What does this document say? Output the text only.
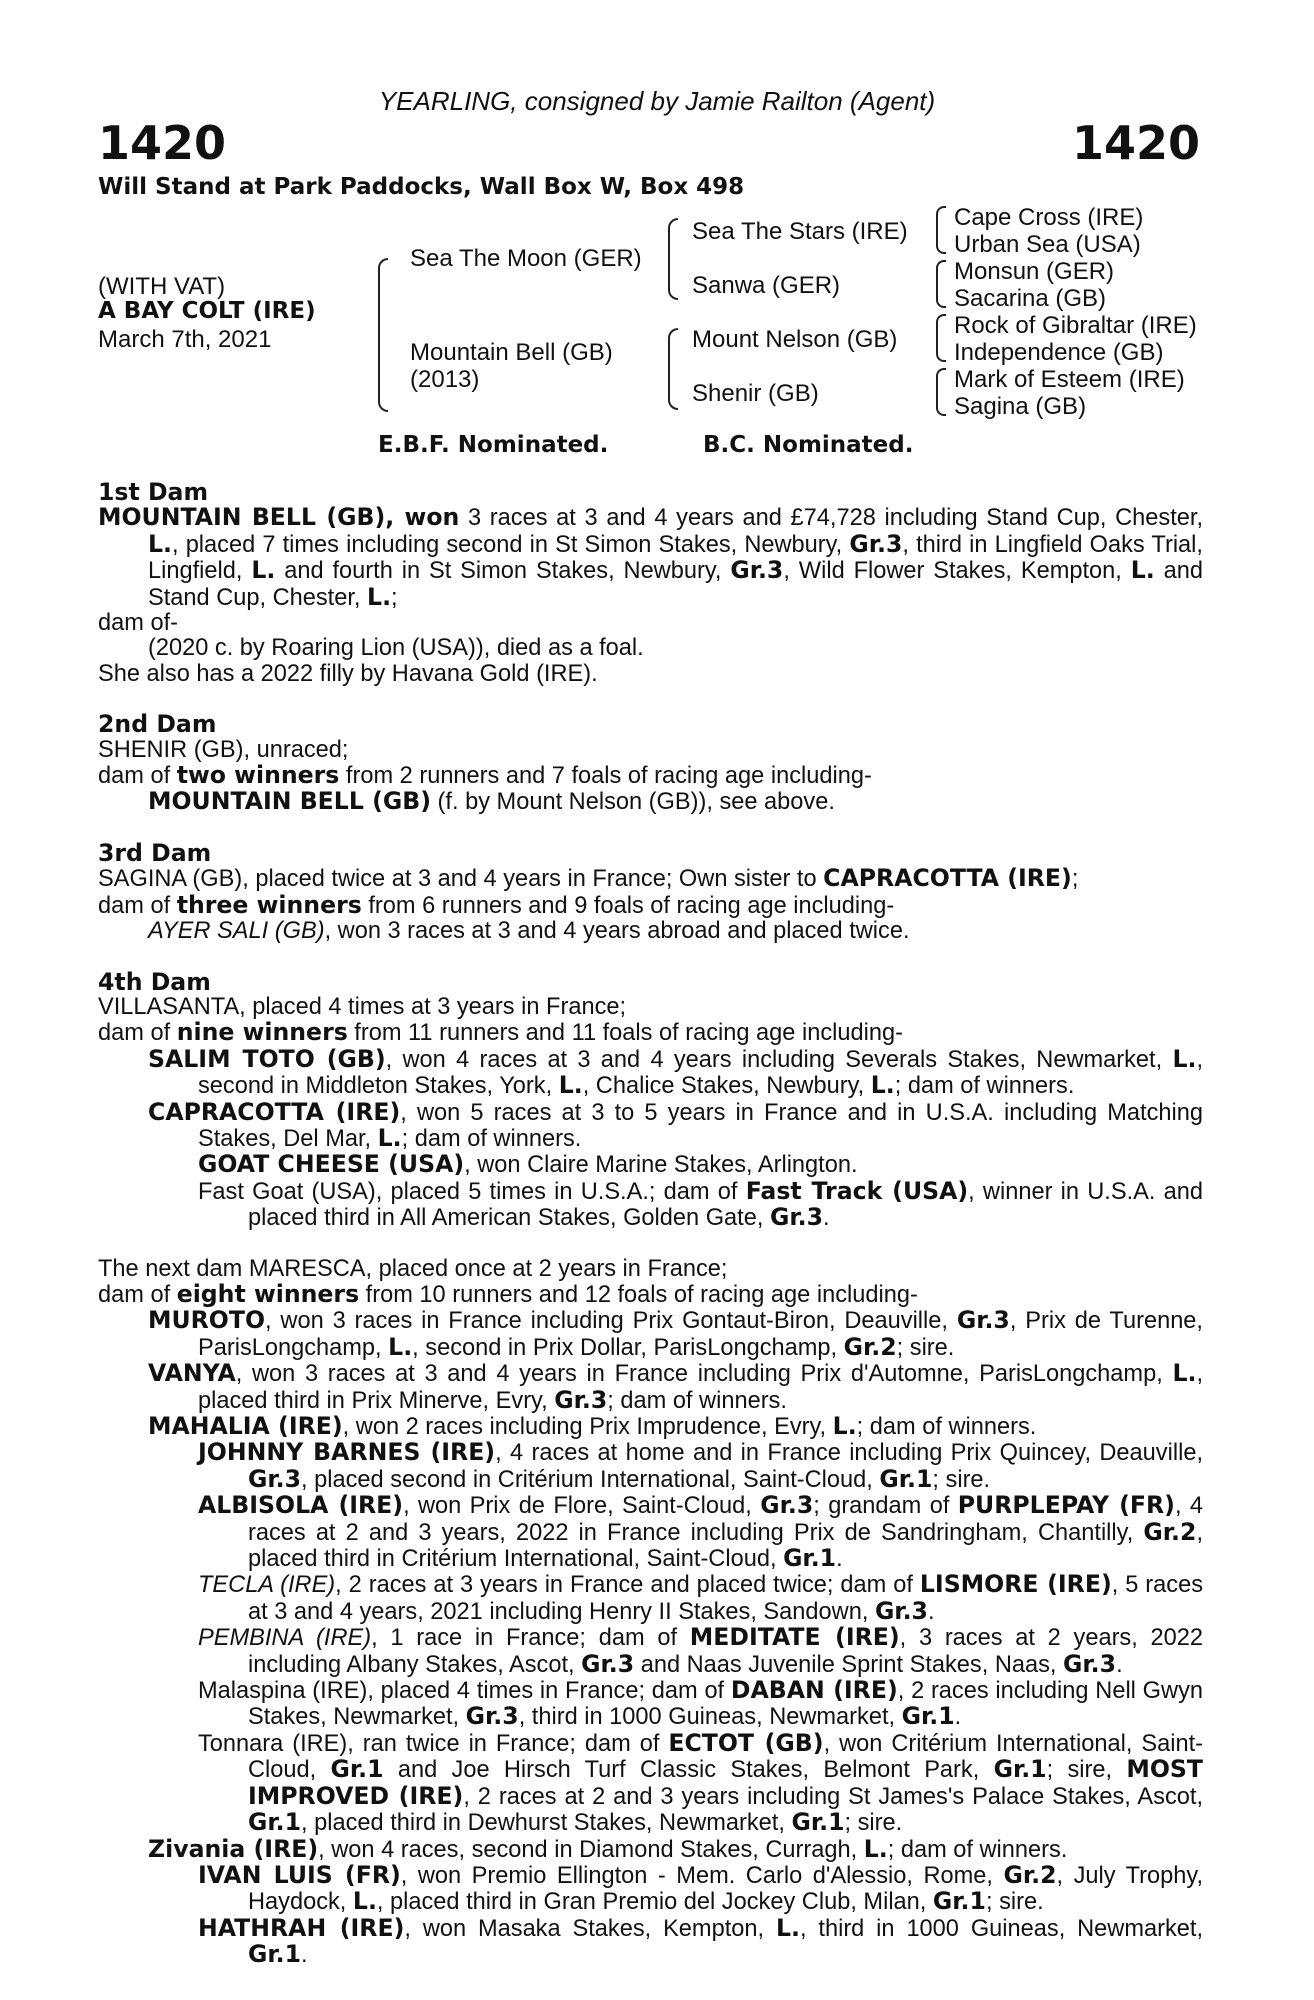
YEARLING, consigned by Jamie Railton (Agent)
1420	1420
Will Stand at Park Paddocks, Wall Box W, Box 498
(WITH VAT)
A BAY COLT (IRE)
March 7th, 2021
Sea The Moon (GER)
Mountain Bell (GB)
(2013)
Sea The Stars (IRE)
Sanwa (GER)
Mount Nelson (GB)
Shenir (GB)
Cape Cross (IRE)
Urban Sea (USA)
Monsun (GER)
Sacarina (GB)
Rock of Gibraltar (IRE)
Independence (GB)
Mark of Esteem (IRE)
Sagina (GB)
E.B.F. Nominated.	B.C. Nominated.
1st Dam
MOUNTAIN BELL (GB), won 3 races at 3 and 4 years and £74,728 including Stand Cup, Chester, L., placed 7 times including second in St Simon Stakes, Newbury, Gr.3, third in Lingfield Oaks Trial, Lingfield, L. and fourth in St Simon Stakes, Newbury, Gr.3, Wild Flower Stakes, Kempton, L. and Stand Cup, Chester, L.;
dam of-
(2020 c. by Roaring Lion (USA)), died as a foal.
She also has a 2022 filly by Havana Gold (IRE).
2nd Dam
SHENIR (GB), unraced;
dam of two winners from 2 runners and 7 foals of racing age including-
MOUNTAIN BELL (GB) (f. by Mount Nelson (GB)), see above.
3rd Dam
SAGINA (GB), placed twice at 3 and 4 years in France; Own sister to CAPRACOTTA (IRE);
dam of three winners from 6 runners and 9 foals of racing age including-
AYER SALI (GB), won 3 races at 3 and 4 years abroad and placed twice.
4th Dam
VILLASANTA, placed 4 times at 3 years in France;
dam of nine winners from 11 runners and 11 foals of racing age including-
SALIM TOTO (GB), won 4 races at 3 and 4 years including Severals Stakes, Newmarket, L., second in Middleton Stakes, York, L., Chalice Stakes, Newbury, L.; dam of winners.
CAPRACOTTA (IRE), won 5 races at 3 to 5 years in France and in U.S.A. including Matching Stakes, Del Mar, L.; dam of winners.
GOAT CHEESE (USA), won Claire Marine Stakes, Arlington.
Fast Goat (USA), placed 5 times in U.S.A.; dam of Fast Track (USA), winner in U.S.A. and placed third in All American Stakes, Golden Gate, Gr.3.
The next dam MARESCA, placed once at 2 years in France;
dam of eight winners from 10 runners and 12 foals of racing age including-
MUROTO, won 3 races in France including Prix Gontaut-Biron, Deauville, Gr.3, Prix de Turenne, ParisLongchamp, L., second in Prix Dollar, ParisLongchamp, Gr.2; sire.
VANYA, won 3 races at 3 and 4 years in France including Prix d'Automne, ParisLongchamp, L., placed third in Prix Minerve, Evry, Gr.3; dam of winners.
MAHALIA (IRE), won 2 races including Prix Imprudence, Evry, L.; dam of winners.
JOHNNY BARNES (IRE), 4 races at home and in France including Prix Quincey, Deauville, Gr.3, placed second in Critérium International, Saint-Cloud, Gr.1; sire.
ALBISOLA (IRE), won Prix de Flore, Saint-Cloud, Gr.3; grandam of PURPLEPAY (FR), 4 races at 2 and 3 years, 2022 in France including Prix de Sandringham, Chantilly, Gr.2, placed third in Critérium International, Saint-Cloud, Gr.1.
TECLA (IRE), 2 races at 3 years in France and placed twice; dam of LISMORE (IRE), 5 races at 3 and 4 years, 2021 including Henry II Stakes, Sandown, Gr.3.
PEMBINA (IRE), 1 race in France; dam of MEDITATE (IRE), 3 races at 2 years, 2022 including Albany Stakes, Ascot, Gr.3 and Naas Juvenile Sprint Stakes, Naas, Gr.3.
Malaspina (IRE), placed 4 times in France; dam of DABAN (IRE), 2 races including Nell Gwyn Stakes, Newmarket, Gr.3, third in 1000 Guineas, Newmarket, Gr.1.
Tonnara (IRE), ran twice in France; dam of ECTOT (GB), won Critérium International, Saint-Cloud, Gr.1 and Joe Hirsch Turf Classic Stakes, Belmont Park, Gr.1; sire, MOST IMPROVED (IRE), 2 races at 2 and 3 years including St James's Palace Stakes, Ascot, Gr.1, placed third in Dewhurst Stakes, Newmarket, Gr.1; sire.
Zivania (IRE), won 4 races, second in Diamond Stakes, Curragh, L.; dam of winners.
IVAN LUIS (FR), won Premio Ellington - Mem. Carlo d'Alessio, Rome, Gr.2, July Trophy, Haydock, L., placed third in Gran Premio del Jockey Club, Milan, Gr.1; sire.
HATHRAH (IRE), won Masaka Stakes, Kempton, L., third in 1000 Guineas, Newmarket, Gr.1.
